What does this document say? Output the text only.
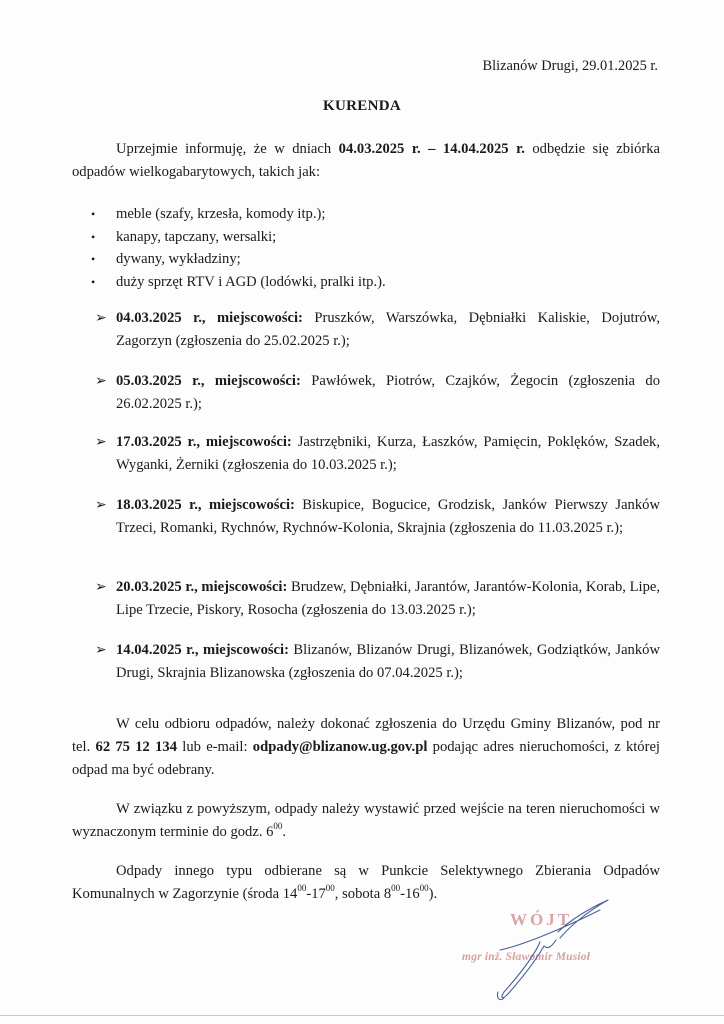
Blizanów Drugi, 29.01.2025 r.
KURENDA
Uprzejmie informuję, że w dniach 04.03.2025 r. – 14.04.2025 r. odbędzie się zbiórka odpadów wielkogabarytowych, takich jak:
• meble (szafy, krzesła, komody itp.);
• kanapy, tapczany, wersalki;
• dywany, wykładziny;
• duży sprzęt RTV i AGD (lodówki, pralki itp.).
➢ 04.03.2025 r., miejscowości: Pruszków, Warszówka, Dębniałki Kaliskie, Dojutrów, Zagorzyn (zgłoszenia do 25.02.2025 r.);
➢ 05.03.2025 r., miejscowości: Pawłówek, Piotrów, Czajków, Żegocin (zgłoszenia do 26.02.2025 r.);
➢ 17.03.2025 r., miejscowości: Jastrzębniki, Kurza, Łaszków, Pamięcin, Poklęków, Szadek, Wyganki, Żerniki (zgłoszenia do 10.03.2025 r.);
➢ 18.03.2025 r., miejscowości: Biskupice, Bogucice, Grodzisk, Janków Pierwszy Janków Trzeci, Romanki, Rychnów, Rychnów-Kolonia, Skrajnia (zgłoszenia do 11.03.2025 r.);
➢ 20.03.2025 r., miejscowości: Brudzew, Dębniałki, Jarantów, Jarantów-Kolonia, Korab, Lipe, Lipe Trzecie, Piskory, Rosocha (zgłoszenia do 13.03.2025 r.);
➢ 14.04.2025 r., miejscowości: Blizanów, Blizanów Drugi, Blizanówek, Godziątków, Janków Drugi, Skrajnia Blizanowska (zgłoszenia do 07.04.2025 r.);
W celu odbioru odpadów, należy dokonać zgłoszenia do Urzędu Gminy Blizanów, pod nr tel. 62 75 12 134 lub e-mail: odpady@blizanow.ug.gov.pl podając adres nieruchomości, z której odpad ma być odebrany.
W związku z powyższym, odpady należy wystawić przed wejście na teren nieruchomości w wyznaczonym terminie do godz. $6^{00}$.
Odpady innego typu odbierane są w Punkcie Selektywnego Zbierania Odpadów Komunalnych w Zagorzynie (środa $14^{00}-17^{00}$, sobota $8^{00}-16^{00}$).
WÓJT
mgr inż. Sławomir Musioł
